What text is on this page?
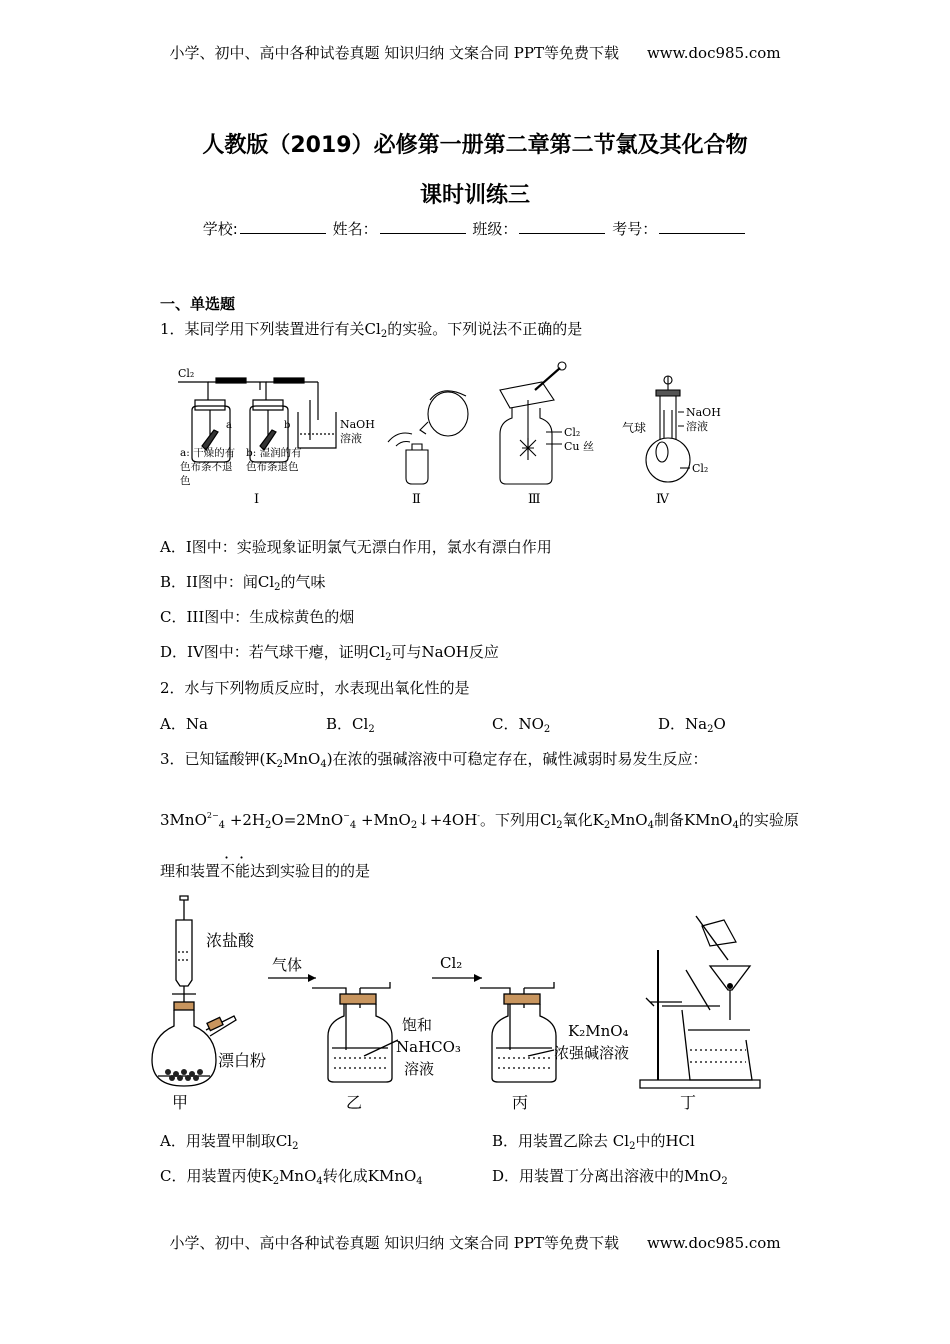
小学、初中、高中各种试卷真题 知识归纳 文案合同 PPT等免费下载 www.doc985.com
人教版（2019）必修第一册第二章第二节氯及其化合物
课时训练三
学校:	姓名：	班级：	考号：
一、单选题
1．某同学用下列装置进行有关$Cl_2$的实验。下列说法不正确的是
Cl₂
a	b	NaOH
溶液
a: 干燥的有
色布条不退
色
b: 湿润的有
色布条退色
Ⅰ	Ⅱ
Cl₂
Cu 丝
Ⅲ
气球
NaOH
溶液
Cl₂
Ⅳ
A．I图中：实验现象证明氯气无漂白作用，氯水有漂白作用
B．II图中：闻$Cl_2$的气味
C．III图中：生成棕黄色的烟
D．IV图中：若气球干瘪，证明$Cl_2$可与NaOH反应
2．水与下列物质反应时，水表现出氧化性的是
A．Na	B．$Cl_2$	C．$NO_2$	D．$Na_2O$
3．已知锰酸钾$(K_2MnO_4)$在浓的强碱溶液中可稳定存在，碱性减弱时易发生反应：
$3MnO^{2-}_4 +2H_2O=2MnO^-_4$ +MnO$_2$↓+4OH-。下列用$Cl_2$氧化$K_2MnO_4$制备KMnO$_4$的实验原
理和装置不能达到实验目的的是
浓盐酸
漂白粉
甲
气体
饱和
NaHCO₃
溶液
乙
Cl₂
K₂MnO₄
浓强碱溶液
丙	丁
A．用装置甲制取$Cl_2$	B．用装置乙除去 $Cl_2$中的HCl
C．用装置丙使$K_2MnO_4$转化成KMnO$_4$	D．用装置丁分离出溶液中的MnO$_2$
小学、初中、高中各种试卷真题 知识归纳 文案合同 PPT等免费下载 www.doc985.com
